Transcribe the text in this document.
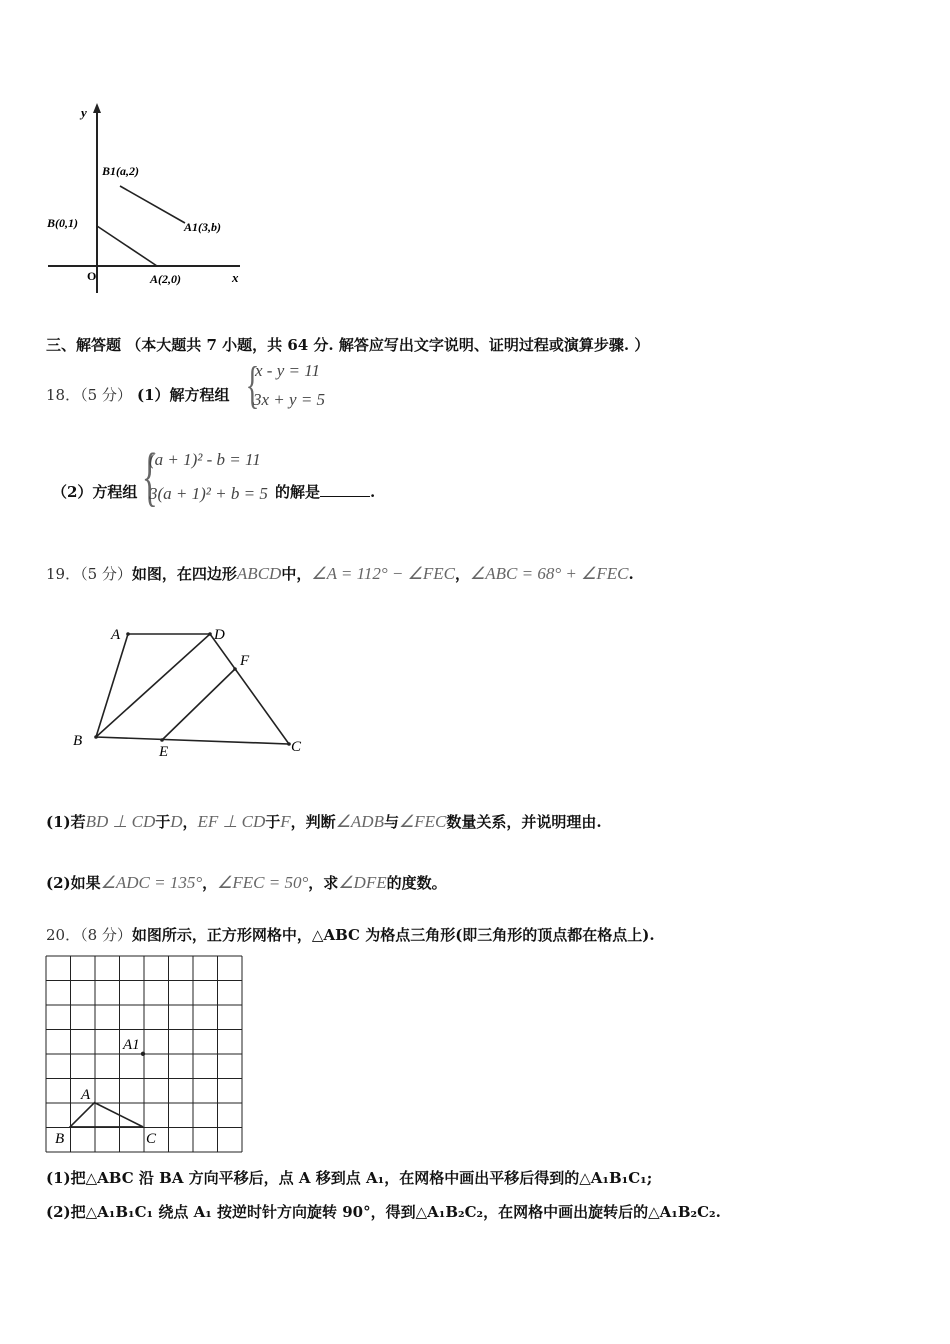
y
x
O
B1(a,2)
B(0,1)	A1(3,b)
A(2,0)
三、解答题 （本大题共 7 小题，共 64 分. 解答应写出文字说明、证明过程或演算步骤. ）
18．（5 分） (1）解方程组 {
x - y = 11
3x + y = 5
（2）方程组 {
(a + 1)² - b = 11
3(a + 1)² + b = 5 的解是	.
19．（5 分）如图，在四边形ABCD中，∠A = 112° − ∠FEC，∠ABC = 68° + ∠FEC.
A	D
F
B
E	C
(1)若BD ⊥ CD于D，EF ⊥ CD于F，判断∠ADB与∠FEC数量关系，并说明理由.
(2)如果∠ADC = 135°，∠FEC = 50°，求∠DFE的度数。
20．（8 分）如图所示，正方形网格中，△ABC 为格点三角形(即三角形的顶点都在格点上).
A1
A
B	C
(1)把△ABC 沿 BA 方向平移后，点 A 移到点 A₁，在网格中画出平移后得到的△A₁B₁C₁;
(2)把△A₁B₁C₁ 绕点 A₁ 按逆时针方向旋转 90°，得到△A₁B₂C₂，在网格中画出旋转后的△A₁B₂C₂.
